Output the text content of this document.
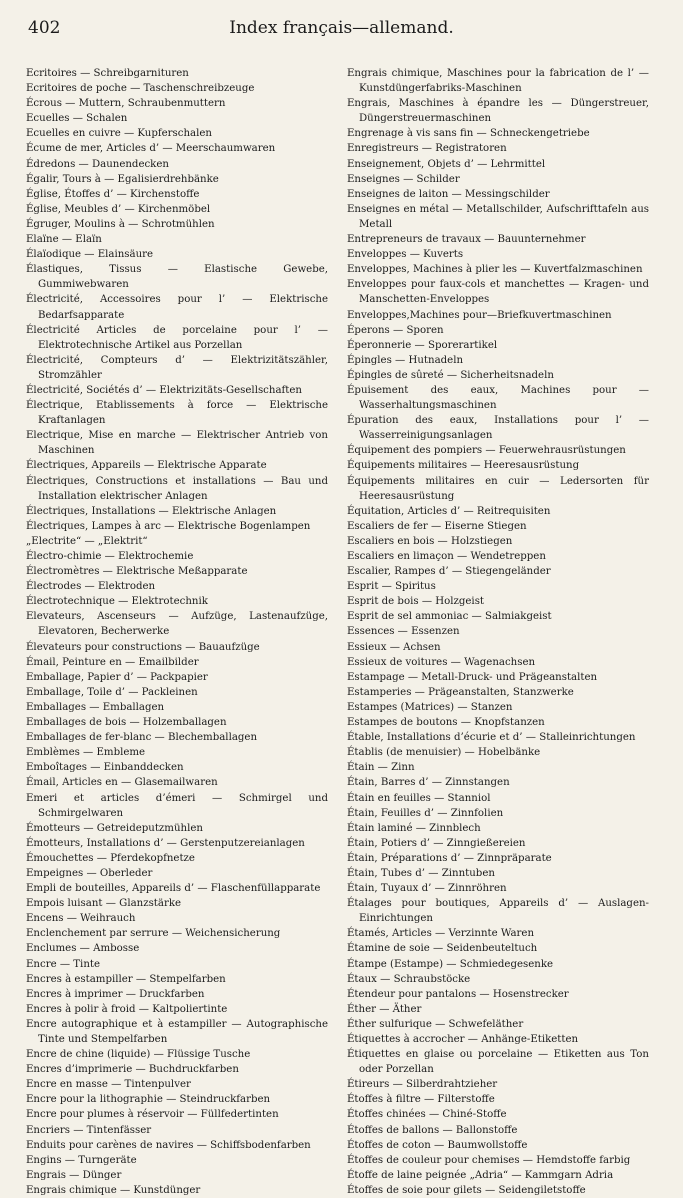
402	Index français—allemand.
Ecritoires — Schreibgarnituren
Ecritoires de poche — Taschenschreibzeuge
Écrous — Muttern, Schraubenmuttern
Ecuelles — Schalen
Ecuelles en cuivre — Kupferschalen
Écume de mer, Articles d’ — Meerschaumwaren
Édredons — Daunendecken
Égalir, Tours à — Egalisierdrehbänke
Église, Étoffes d’ — Kirchenstoffe
Église, Meubles d’ — Kirchenmöbel
Égruger, Moulins à — Schrotmühlen
Elaïne — Elaïn
Élaïodique — Elainsäure
Élastiques, Tissus — Elastische Gewebe, Gummiwebwaren
Électricité, Accessoires pour l’ — Elektrische Bedarfsapparate
Électricité Articles de porcelaine pour l’ — Elektrotechnische Artikel aus Porzellan
Électricité, Compteurs d’ — Elektrizitätszähler, Stromzähler
Électricité, Sociétés d’ — Elektrizitäts-Gesellschaften
Électrique, Etablissements à force — Elektrische Kraftanlagen
Electrique, Mise en marche — Elektrischer Antrieb von Maschinen
Électriques, Appareils — Elektrische Apparate
Électriques, Constructions et installations — Bau und Installation elektrischer Anlagen
Électriques, Installations — Elektrische Anlagen
Électriques, Lampes à arc — Elektrische Bogenlampen
„Electrite“ — „Elektrit“
Électro-chimie — Elektrochemie
Électromètres — Elektrische Meßapparate
Électrodes — Elektroden
Électrotechnique — Elektrotechnik
Elevateurs, Ascenseurs — Aufzüge, Lastenaufzüge, Elevatoren, Becherwerke
Élevateurs pour constructions — Bauaufzüge
Émail, Peinture en — Emailbilder
Emballage, Papier d’ — Packpapier
Emballage, Toile d’ — Packleinen
Emballages — Emballagen
Emballages de bois — Holzemballagen
Emballages de fer-blanc — Blechemballagen
Emblèmes — Embleme
Emboîtages — Einbanddecken
Émail, Articles en — Glasemailwaren
Emeri et articles d’émeri — Schmirgel und Schmirgelwaren
Émotteurs — Getreideputzmühlen
Émotteurs, Installations d’ — Gerstenputzereianlagen
Émouchettes — Pferdekopfnetze
Empeignes — Oberleder
Empli de bouteilles, Appareils d’ — Flaschenfüllapparate
Empois luisant — Glanzstärke
Encens — Weihrauch
Enclenchement par serrure — Weichensicherung
Enclumes — Ambosse
Encre — Tinte
Encres à estampiller — Stempelfarben
Encres à imprimer — Druckfarben
Encres à polir à froid — Kaltpoliertinte
Encre autographique et à estampiller — Autographische Tinte und Stempelfarben
Encre de chine (liquide) — Flüssige Tusche
Encres d’imprimerie — Buchdruckfarben
Encre en masse — Tintenpulver
Encre pour la lithographie — Steindruckfarben
Encre pour plumes à réservoir — Füllfedertinten
Encriers — Tintenfässer
Enduits pour carènes de navires — Schiffsbodenfarben
Engins — Turngeräte
Engrais — Dünger
Engrais chimique — Kunstdünger
Engrais chimique, Maschines pour la fabrication de l’ — Kunstdüngerfabriks-Maschinen
Engrais, Maschines à épandre les — Düngerstreuer, Düngerstreuermaschinen
Engrenage à vis sans fin — Schneckengetriebe
Enregistreurs — Registratoren
Enseignement, Objets d’ — Lehrmittel
Enseignes — Schilder
Enseignes de laiton — Messingschilder
Enseignes en métal — Metallschilder, Aufschrifttafeln aus Metall
Entrepreneurs de travaux — Bauunternehmer
Enveloppes — Kuverts
Enveloppes, Machines à plier les — Kuvertfalzmaschinen
Enveloppes pour faux-cols et manchettes — Kragen- und Manschetten-Enveloppes
Enveloppes,Machines pour—Briefkuvertmaschinen
Éperons — Sporen
Éperonnerie — Sporerartikel
Épingles — Hutnadeln
Épingles de sûreté — Sicherheitsnadeln
Épuisement des eaux, Machines pour — Wasserhaltungsmaschinen
Épuration des eaux, Installations pour l’ — Wasserreinigungsanlagen
Équipement des pompiers — Feuerwehrausrüstungen
Équipements militaires — Heeresausrüstung
Équipements militaires en cuir — Ledersorten für Heeresausrüstung
Équitation, Articles d’ — Reitrequisiten
Escaliers de fer — Eiserne Stiegen
Escaliers en bois — Holzstiegen
Escaliers en limaçon — Wendetreppen
Escalier, Rampes d’ — Stiegengeländer
Esprit — Spiritus
Esprit de bois — Holzgeist
Esprit de sel ammoniac — Salmiakgeist
Essences — Essenzen
Essieux — Achsen
Essieux de voitures — Wagenachsen
Estampage — Metall-Druck- und Prägeanstalten
Estamperies — Prägeanstalten, Stanzwerke
Estampes (Matrices) — Stanzen
Estampes de boutons — Knopfstanzen
Étable, Installations d’écurie et d’ — Stalleinrichtungen
Établis (de menuisier) — Hobelbänke
Étain — Zinn
Étain, Barres d’ — Zinnstangen
Étain en feuilles — Stanniol
Étain, Feuilles d’ — Zinnfolien
Étain laminé — Zinnblech
Étain, Potiers d’ — Zinngießereien
Étain, Préparations d’ — Zinnpräparate
Étain, Tubes d’ — Zinntuben
Étain, Tuyaux d’ — Zinnröhren
Étalages pour boutiques, Appareils d’ — Auslagen-Einrichtungen
Étamés, Articles — Verzinnte Waren
Étamine de soie — Seidenbeuteltuch
Étampe (Estampe) — Schmiedegesenke
Étaux — Schraubstöcke
Étendeur pour pantalons — Hosenstrecker
Éther — Äther
Éther sulfurique — Schwefeläther
Étiquettes à accrocher — Anhänge-Etiketten
Étiquettes en glaise ou porcelaine — Etiketten aus Ton oder Porzellan
Étireurs — Silberdrahtzieher
Étoffes à filtre — Filterstoffe
Étoffes chinées — Chiné-Stoffe
Étoffes de ballons — Ballonstoffe
Étoffes de coton — Baumwollstoffe
Étoffes de couleur pour chemises — Hemdstoffe farbig
Étoffe de laine peignée „Adria“ — Kammgarn Adria
Étoffes de soie pour gilets — Seidengiletstoffe
